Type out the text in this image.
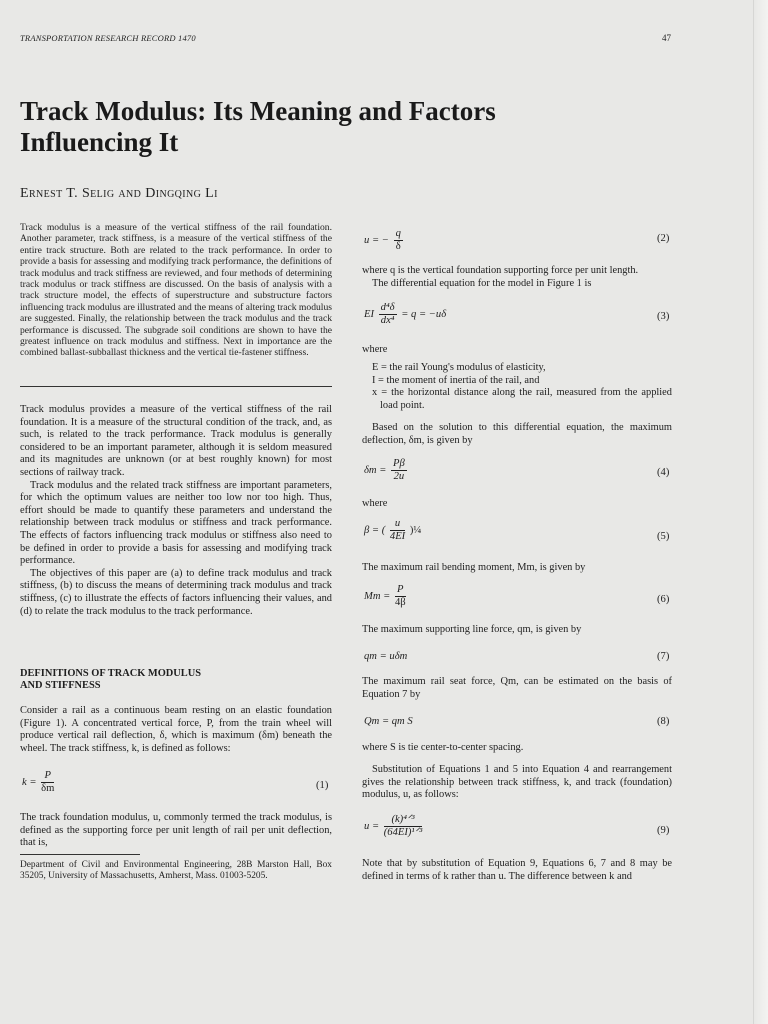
TRANSPORTATION RESEARCH RECORD 1470	47
Track Modulus: Its Meaning and Factors
Influencing It
Ernest T. Selig and Dingqing Li
Track modulus is a measure of the vertical stiffness of the rail foundation. Another parameter, track stiffness, is a measure of the vertical stiffness of the entire track structure. Both are related to the track performance. In order to provide a basis for assessing and modifying track performance, the definitions of track modulus and track stiffness are reviewed, and four methods of determining track modulus or track stiffness are discussed. On the basis of analysis with a track structure model, the effects of superstructure and substructure factors influencing track modulus are illustrated and the means of altering track modulus are suggested. Finally, the relationship between the track modulus and the track performance is discussed. The subgrade soil conditions are shown to have the greatest influence on track modulus and stiffness. Next in importance are the combined ballast-subballast thickness and the vertical tie-fastener stiffness.

Track modulus provides a measure of the vertical stiffness of the rail foundation. It is a measure of the structural condition of the track, and, as such, is related to the track performance. Track modulus is generally considered to be an important parameter, although it is seldom measured and its magnitudes are unknown (or at best roughly known) for most sections of railway track.

Track modulus and the related track stiffness are important parameters, for which the optimum values are neither too low nor too high. Thus, effort should be made to quantify these parameters and understand the relationship between track modulus or stiffness and track performance. The effects of factors influencing track modulus or stiffness also need to be defined in order to provide a basis for assessing and modifying track performance.

The objectives of this paper are (a) to define track modulus and track stiffness, (b) to discuss the means of determining track modulus and track stiffness, (c) to illustrate the effects of factors influencing their values, and (d) to relate the track modulus to the track performance.

DEFINITIONS OF TRACK MODULUS
AND STIFFNESS
Consider a rail as a continuous beam resting on an elastic foundation (Figure 1). A concentrated vertical force, P, from the train wheel will produce vertical rail deflection, δ, which is maximum (δm) beneath the wheel. The track stiffness, k, is defined as follows:
$k = \frac{P}{\delta m}$	(1)
The track foundation modulus, u, commonly termed the track modulus, is defined as the supporting force per unit length of rail per unit deflection, that is,
Department of Civil and Environmental Engineering, 28B Marston Hall, Box 35205, University of Massachusetts, Amherst, Mass. 01003-5205.
u = − $\frac{q}{\delta}$	(2)

where q is the vertical foundation supporting force per unit length.

The differential equation for the model in Figure 1 is

EI $\frac{\text{d⁴δ}}{\text{dx⁴}} = q = -u\delta$	(3)
where
E = the rail Young's modulus of elasticity,
I = the moment of inertia of the rail, and
x = the horizontal distance along the rail, measured from the applied load point.
Based on the solution to this differential equation, the maximum deflection, δm, is given by
$\delta m = \frac{P\beta}{2u}$	(4)
where
β = ( $\frac{u}{4EI}$ )¼
(5)
The maximum rail bending moment, Mm, is given by
$Mm = \frac{P}{4\beta}$	(6)
The maximum supporting line force, qm, is given by
qm = uδm	(7)
The maximum rail seat force, Qm, can be estimated on the basis of Equation 7 by
Qm = qm S	(8)
where S is tie center-to-center spacing.
Substitution of Equations 1 and 5 into Equation 4 and rearrangement gives the relationship between track stiffness, k, and track (foundation) modulus, u, as follows:
$u = \frac{\text{(k)⁴ᐟ³}}{\text{(64EI)¹ᐟ³}}$	(9)
Note that by substitution of Equation 9, Equations 6, 7 and 8 may be defined in terms of k rather than u. The difference between k and
